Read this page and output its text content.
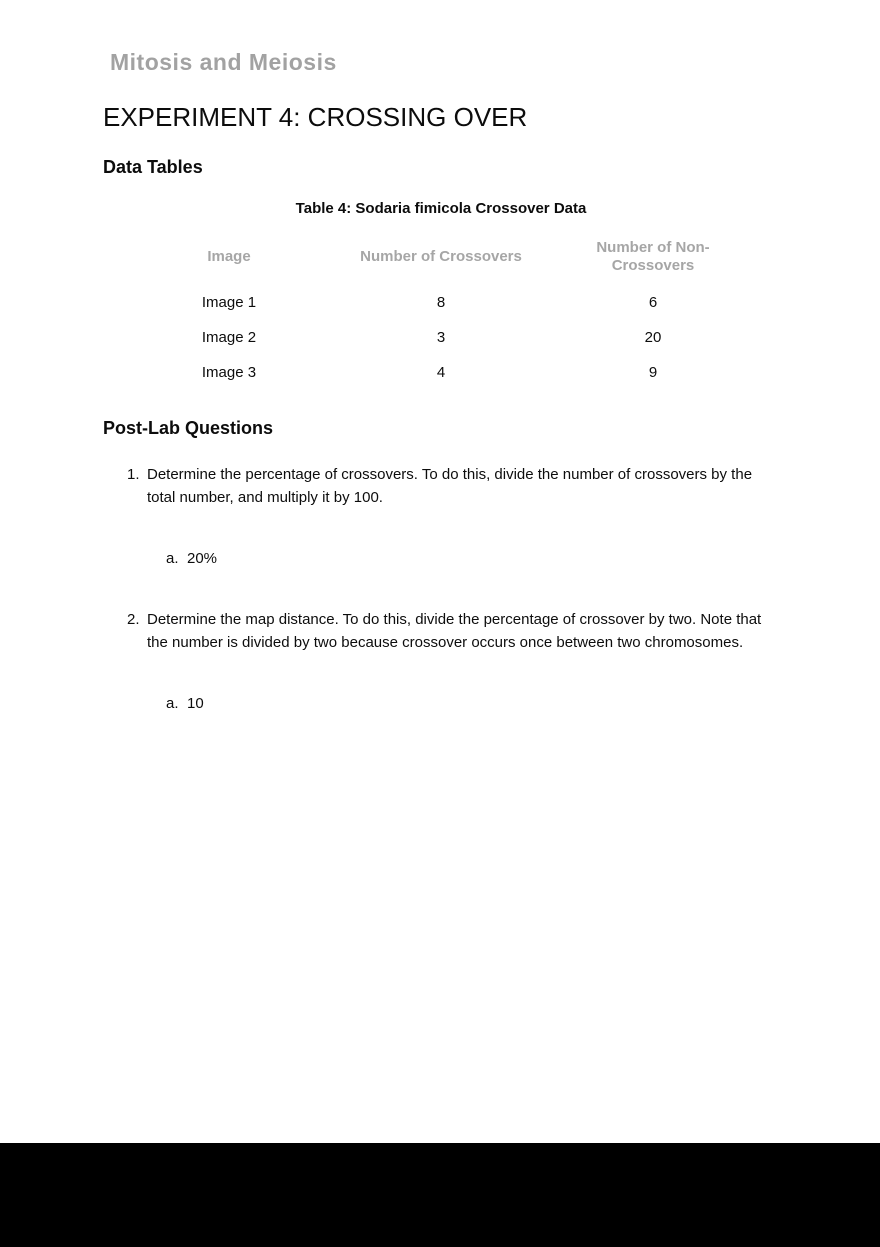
Mitosis and Meiosis
EXPERIMENT 4: CROSSING OVER
Data Tables
Table 4: Sodaria fimicola Crossover Data
Image	Number of Crossovers	Number of Non-Crossovers
Image 1	8	6
Image 2	3	20
Image 3	4	9
Post-Lab Questions
1. Determine the percentage of crossovers. To do this, divide the number of crossovers by the total number, and multiply it by 100.
a. 20%
2. Determine the map distance. To do this, divide the percentage of crossover by two. Note that the number is divided by two because crossover occurs once between two chromosomes.
a. 10
